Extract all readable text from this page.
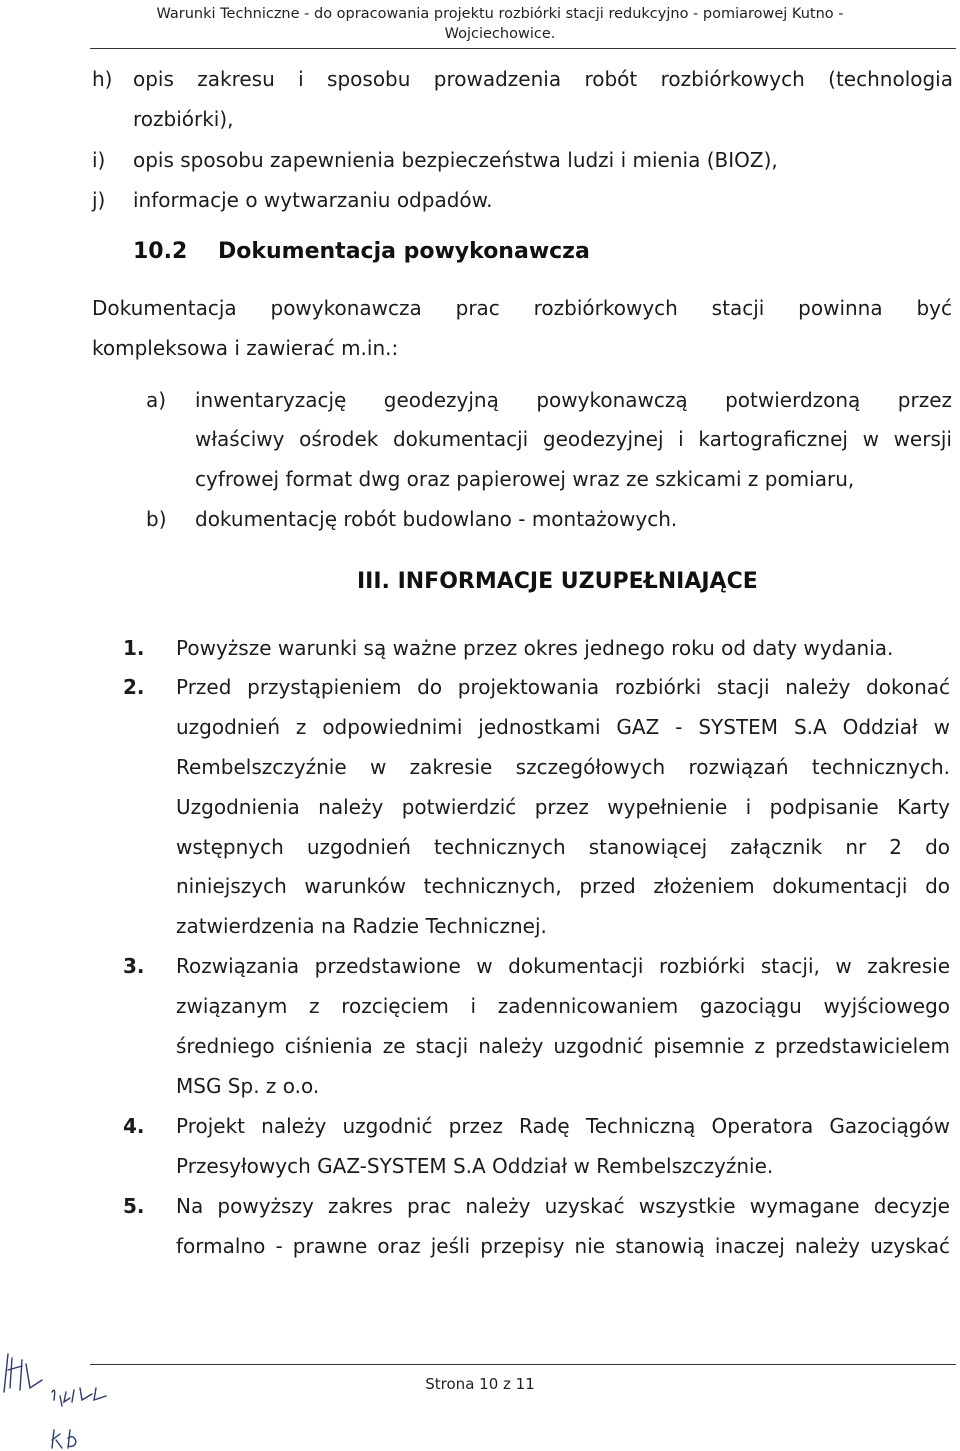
Warunki Techniczne - do opracowania projektu rozbiórki stacji redukcyjno - pomiarowej Kutno -
Wojciechowice.
h) opis zakresu i sposobu prowadzenia robót rozbiórkowych (technologia
rozbiórki),
i) opis sposobu zapewnienia bezpieczeństwa ludzi i mienia (BIOZ),
j) informacje o wytwarzaniu odpadów.
10.2 Dokumentacja powykonawcza
Dokumentacja powykonawcza prac rozbiórkowych stacji powinna być
kompleksowa i zawierać m.in.:
a) inwentaryzację geodezyjną powykonawczą potwierdzoną przez
właściwy ośrodek dokumentacji geodezyjnej i kartograficznej w wersji
cyfrowej format dwg oraz papierowej wraz ze szkicami z pomiaru,
b) dokumentację robót budowlano - montażowych.
III. INFORMACJE UZUPEŁNIAJĄCE
1. Powyższe warunki są ważne przez okres jednego roku od daty wydania.
2. Przed przystąpieniem do projektowania rozbiórki stacji należy dokonać
uzgodnień z odpowiednimi jednostkami GAZ - SYSTEM S.A Oddział w
Rembelszczyźnie w zakresie szczegółowych rozwiązań technicznych.
Uzgodnienia należy potwierdzić przez wypełnienie i podpisanie Karty
wstępnych uzgodnień technicznych stanowiącej załącznik nr 2 do
niniejszych warunków technicznych, przed złożeniem dokumentacji do
zatwierdzenia na Radzie Technicznej.
3. Rozwiązania przedstawione w dokumentacji rozbiórki stacji, w zakresie
związanym z rozcięciem i zadennicowaniem gazociągu wyjściowego
średniego ciśnienia ze stacji należy uzgodnić pisemnie z przedstawicielem
MSG Sp. z o.o.
4. Projekt należy uzgodnić przez Radę Techniczną Operatora Gazociągów
Przesyłowych GAZ-SYSTEM S.A Oddział w Rembelszczyźnie.
5. Na powyższy zakres prac należy uzyskać wszystkie wymagane decyzje
formalno - prawne oraz jeśli przepisy nie stanowią inaczej należy uzyskać
Strona 10 z 11
